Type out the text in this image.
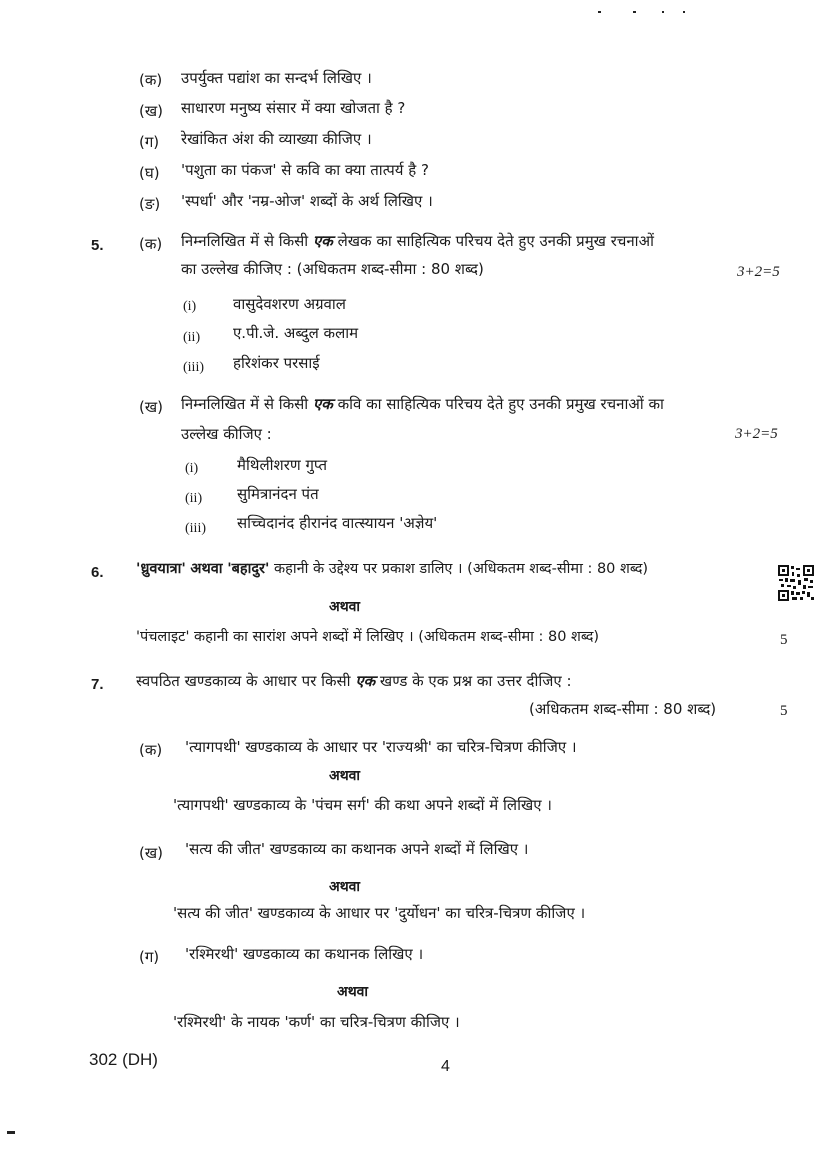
(क) उपर्युक्त पद्यांश का सन्दर्भ लिखिए ।
(ख) साधारण मनुष्य संसार में क्या खोजता है ?
(ग) रेखांकित अंश की व्याख्या कीजिए ।
(घ) 'पशुता का पंकज' से कवि का क्या तात्पर्य है ?
(ङ) 'स्पर्धा' और 'नम्र-ओज' शब्दों के अर्थ लिखिए ।
5. (क) निम्नलिखित में से किसी एक लेखक का साहित्यिक परिचय देते हुए उनकी प्रमुख रचनाओं
का उल्लेख कीजिए : (अधिकतम शब्द-सीमा : 80 शब्द)	3+2=5
(i) वासुदेवशरण अग्रवाल
(ii) ए.पी.जे. अब्दुल कलाम
(iii) हरिशंकर परसाई
(ख) निम्नलिखित में से किसी एक कवि का साहित्यिक परिचय देते हुए उनकी प्रमुख रचनाओं का
उल्लेख कीजिए :	3+2=5
(i)	मैथिलीशरण गुप्त
(ii) सुमित्रानंदन पंत
(iii) सच्चिदानंद हीरानंद वात्स्यायन 'अज्ञेय'
6. 'ध्रुवयात्रा' अथवा 'बहादुर' कहानी के उद्देश्य पर प्रकाश डालिए । (अधिकतम शब्द-सीमा : 80 शब्द)
अथवा
'पंचलाइट' कहानी का सारांश अपने शब्दों में लिखिए । (अधिकतम शब्द-सीमा : 80 शब्द)	5
7. स्वपठित खण्डकाव्य के आधार पर किसी एक खण्ड के एक प्रश्न का उत्तर दीजिए :
(अधिकतम शब्द-सीमा : 80 शब्द)	5
(क) 'त्यागपथी' खण्डकाव्य के आधार पर 'राज्यश्री' का चरित्र-चित्रण कीजिए ।
अथवा
'त्यागपथी' खण्डकाव्य के 'पंचम सर्ग' की कथा अपने शब्दों में लिखिए ।
(ख) 'सत्य की जीत' खण्डकाव्य का कथानक अपने शब्दों में लिखिए ।
अथवा
'सत्य की जीत' खण्डकाव्य के आधार पर 'दुर्योधन' का चरित्र-चित्रण कीजिए ।
(ग) 'रश्मिरथी' खण्डकाव्य का कथानक लिखिए ।
अथवा
'रश्मिरथी' के नायक 'कर्ण' का चरित्र-चित्रण कीजिए ।
302 (DH)	4
